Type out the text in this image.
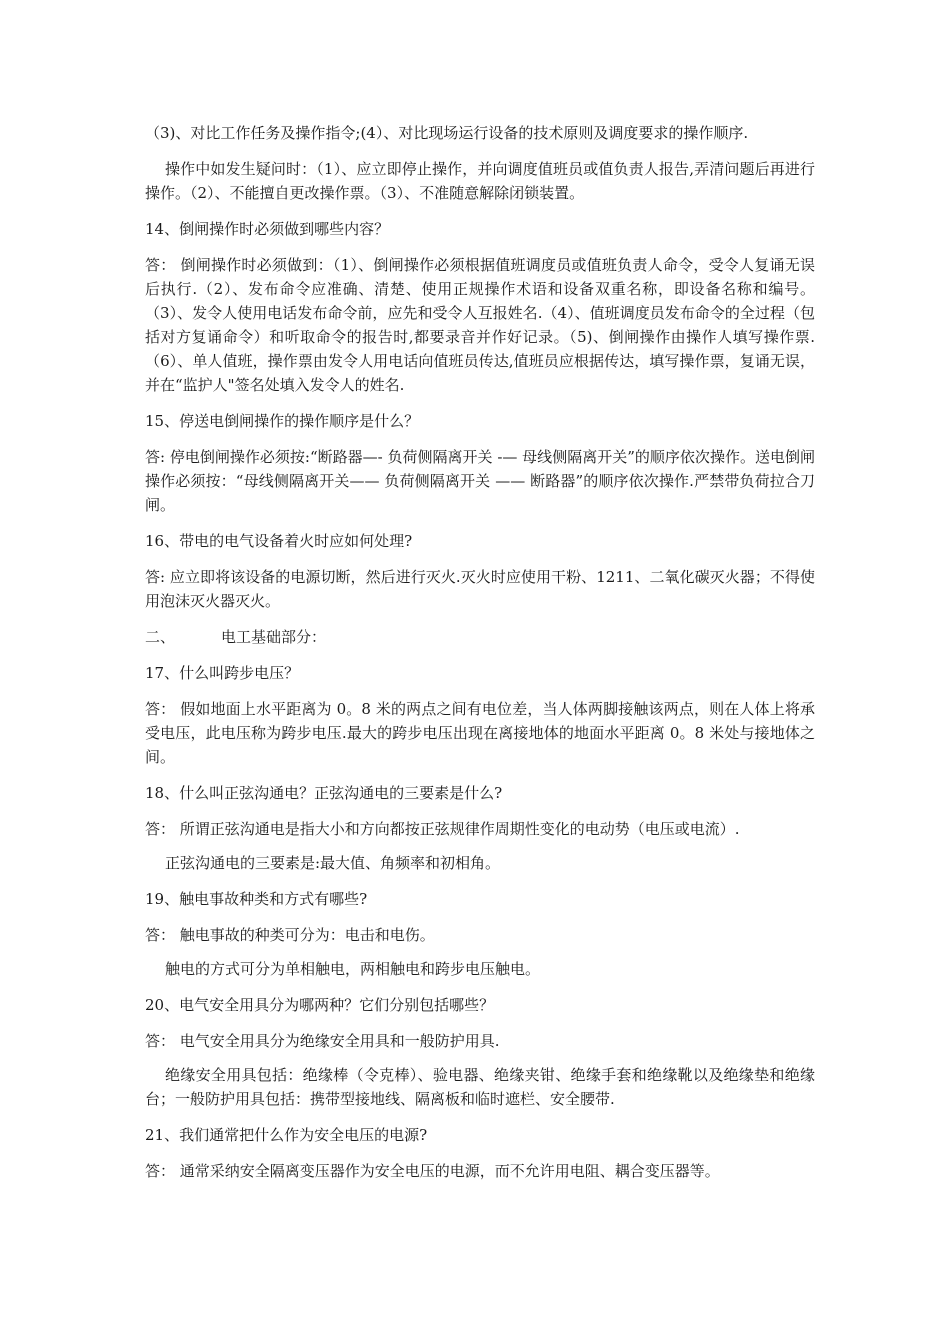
（3)、对比工作任务及操作指令;(4）、对比现场运行设备的技术原则及调度要求的操作顺序.

操作中如发生疑问时：（1）、应立即停止操作，并向调度值班员或值负责人报告,弄清问题后再进行操作。（2）、不能擅自更改操作票。（3）、不准随意解除闭锁装置。

14、倒闸操作时必须做到哪些内容？

答： 倒闸操作时必须做到：（1）、倒闸操作必须根据值班调度员或值班负责人命令，受令人复诵无误后执行.（2）、发布命令应准确、清楚、使用正规操作术语和设备双重名称，即设备名称和编号。（3）、发令人使用电话发布命令前，应先和受令人互报姓名.（4）、值班调度员发布命令的全过程（包括对方复诵命令）和听取命令的报告时,都要录音并作好记录。（5)、倒闸操作由操作人填写操作票.（6）、单人值班，操作票由发令人用电话向值班员传达,值班员应根据传达，填写操作票，复诵无误，并在“监护人"签名处填入发令人的姓名.

15、停送电倒闸操作的操作顺序是什么？

答: 停电倒闸操作必须按:“断路器—- 负荷侧隔离开关 -— 母线侧隔离开关”的顺序依次操作。送电倒闸操作必须按：“母线侧隔离开关—— 负荷侧隔离开关 —— 断路器”的顺序依次操作.严禁带负荷拉合刀闸。

16、带电的电气设备着火时应如何处理?

答: 应立即将该设备的电源切断，然后进行灭火.灭火时应使用干粉、1211、二氧化碳灭火器；不得使用泡沫灭火器灭火。

二、	电工基础部分：

17、什么叫跨步电压？

答： 假如地面上水平距离为 0。8 米的两点之间有电位差，当人体两脚接触该两点，则在人体上将承受电压，此电压称为跨步电压.最大的跨步电压出现在离接地体的地面水平距离 0。8 米处与接地体之间。

18、什么叫正弦沟通电？正弦沟通电的三要素是什么?

答： 所谓正弦沟通电是指大小和方向都按正弦规律作周期性变化的电动势（电压或电流）.

正弦沟通电的三要素是:最大值、角频率和初相角。

19、触电事故种类和方式有哪些?

答： 触电事故的种类可分为：电击和电伤。

触电的方式可分为单相触电，两相触电和跨步电压触电。

20、电气安全用具分为哪两种？它们分别包括哪些？

答： 电气安全用具分为绝缘安全用具和一般防护用具.

绝缘安全用具包括：绝缘棒（令克棒）、验电器、绝缘夹钳、绝缘手套和绝缘靴以及绝缘垫和绝缘台；一般防护用具包括：携带型接地线、隔离板和临时遮栏、安全腰带.

21、我们通常把什么作为安全电压的电源?

答： 通常采纳安全隔离变压器作为安全电压的电源，而不允许用电阻、耦合变压器等。
